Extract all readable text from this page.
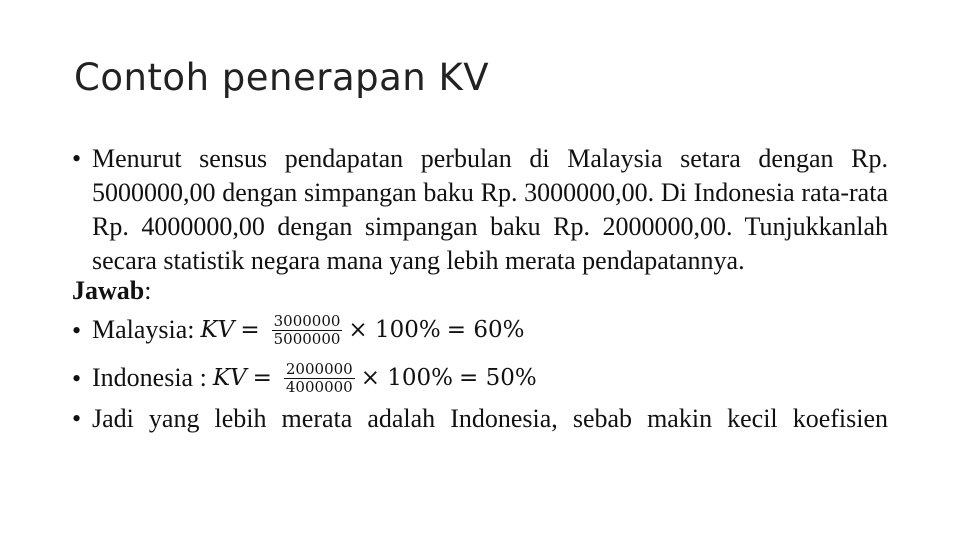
Contoh penerapan KV
• Menurut sensus pendapatan perbulan di Malaysia setara dengan Rp. 5000000,00 dengan simpangan baku Rp. 3000000,00. Di Indonesia rata-rata Rp. 4000000,00 dengan simpangan baku Rp. 2000000,00. Tunjukkanlah secara statistik negara mana yang lebih merata pendapatannya.
Jawab:
• Malaysia: KV = $\frac{3000000}{5000000} \times 100\% = 60\%$
• Indonesia : KV = $\frac{2000000}{4000000} \times 100\% = 50\%$
• Jadi yang lebih merata adalah Indonesia, sebab makin kecil koefisien
